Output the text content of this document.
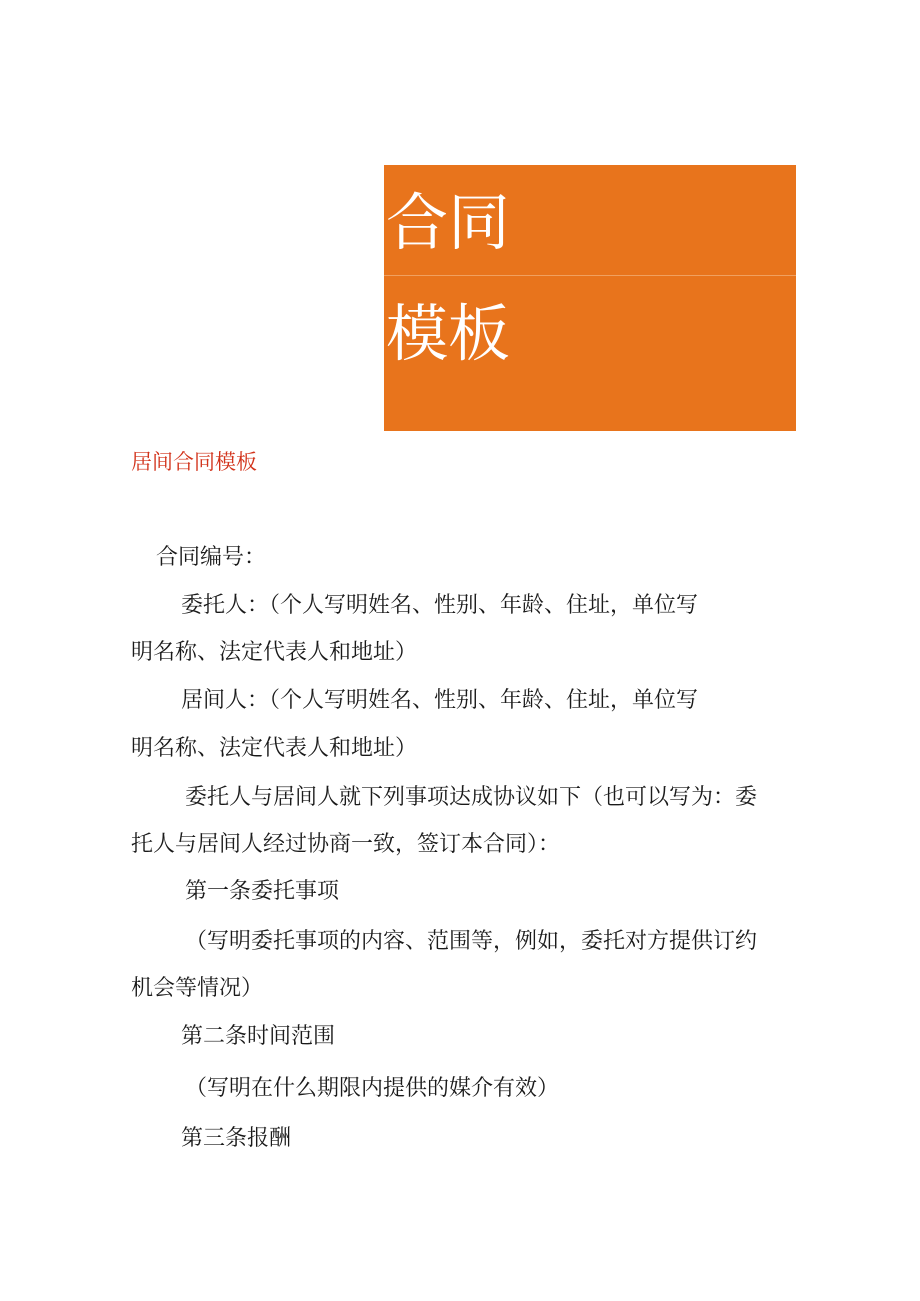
合同
模板
居间合同模板
合同编号：
委托人：（个人写明姓名、性别、年龄、住址，单位写
明名称、法定代表人和地址）
居间人：（个人写明姓名、性别、年龄、住址，单位写
明名称、法定代表人和地址）
委托人与居间人就下列事项达成协议如下（也可以写为：委
托人与居间人经过协商一致，签订本合同）：
第一条委托事项
（写明委托事项的内容、范围等，例如，委托对方提供订约
机会等情况）
第二条时间范围
（写明在什么期限内提供的媒介有效）
第三条报酬
